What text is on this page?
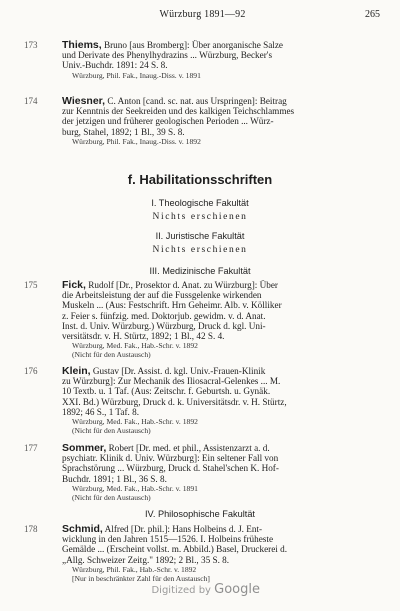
Würzburg 1891—92	265
173 Thiems, Bruno [aus Bromberg]: Über anorganische Salze
und Derivate des Phenylhydrazins ... Würzburg, Becker's
Univ.-Buchdr. 1891: 24 S. 8.
Würzburg, Phil. Fak., Inaug.-Diss. v. 1891
174 Wiesner, C. Anton [cand. sc. nat. aus Urspringen]: Beitrag
zur Kenntnis der Seekreiden und des kalkigen Teichschlammes
der jetzigen und früherer geologischen Perioden ... Würz-
burg, Stahel, 1892; 1 Bl., 39 S. 8.
Würzburg, Phil. Fak., Inaug.-Diss. v. 1892
f. Habilitationsschriften
I. Theologische Fakultät
Nichts erschienen
II. Juristische Fakultät
Nichts erschienen
III. Medizinische Fakultät
175 Fick, Rudolf [Dr., Prosektor d. Anat. zu Würzburg]: Über
die Arbeitsleistung der auf die Fussgelenke wirkenden
Muskeln ... (Aus: Festschrift. Hrn Geheimr. Alb. v. Kölliker
z. Feier s. fünfzig. med. Doktorjub. gewidm. v. d. Anat.
Inst. d. Univ. Würzburg.) Würzburg, Druck d. kgl. Uni-
versitätsdr. v. H. Stürtz, 1892; 1 Bl., 42 S. 4.
Würzburg, Med. Fak., Hab.-Schr. v. 1892
(Nicht für den Austausch)
176 Klein, Gustav [Dr. Assist. d. kgl. Univ.-Frauen-Klinik
zu Würzburg]: Zur Mechanik des Iliosacral-Gelenkes ... M.
10 Textb. u. 1 Taf. (Aus: Zeitschr. f. Geburtsh. u. Gynäk.
XXI. Bd.) Würzburg, Druck d. k. Universitätsdr. v. H. Stürtz,
1892; 46 S., 1 Taf. 8.
Würzburg, Med. Fak., Hab.-Schr. v. 1892
(Nicht für den Austausch)
177 Sommer, Robert [Dr. med. et phil., Assistenzarzt a. d.
psychiatr. Klinik d. Univ. Würzburg]: Ein seltener Fall von
Sprachstörung ... Würzburg, Druck d. Stahel'schen K. Hof-
Buchdr. 1891; 1 Bl., 36 S. 8.
Würzburg, Med. Fak., Hab.-Schr. v. 1891
(Nicht für den Austausch)
IV. Philosophische Fakultät
178 Schmid, Alfred [Dr. phil.]: Hans Holbeins d. J. Ent-
wicklung in den Jahren 1515—1526. I. Holbeins früheste
Gemälde ... (Erscheint vollst. m. Abbild.) Basel, Druckerei d.
„Allg. Schweizer Zeitg." 1892; 2 Bl., 35 S. 8.
Würzburg, Phil. Fak., Hab.-Schr. v. 1892
[Nur in beschränkter Zahl für den Austausch]
Digitized by Google
